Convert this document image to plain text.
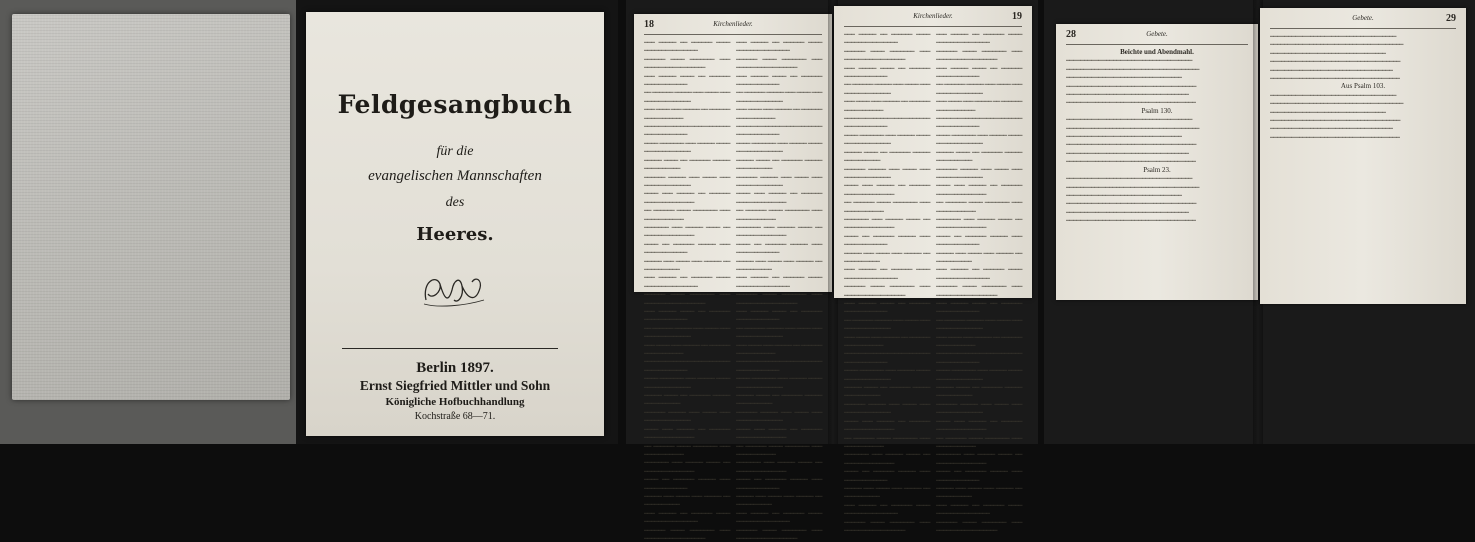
Feldgesangbuch
für die
evangelischen Mannschaften
des
Heeres.
Berlin 1897.
Ernst Siegfried Mittler und Sohn
Königliche Hofbuchhandlung
Kochstraße 68—71.
18	Kirchenlieder.
▬▬▬ ▬▬▬▬▬ ▬▬ ▬▬▬▬▬▬ ▬▬▬▬ ▬▬▬▬▬▬▬ ▬▬▬ ▬▬▬▬▬
▬▬▬▬▬▬ ▬▬▬▬ ▬▬▬▬▬▬▬ ▬▬▬ ▬▬▬▬▬ ▬▬▬▬ ▬▬ ▬▬▬▬▬▬
▬▬▬ ▬▬▬▬▬ ▬▬▬▬ ▬▬ ▬▬▬▬▬▬ ▬▬▬▬▬ ▬▬▬ ▬▬▬▬
▬▬ ▬▬▬▬▬▬ ▬▬▬▬▬ ▬▬▬ ▬▬▬▬ ▬▬▬ ▬▬▬▬▬ ▬▬ ▬▬▬▬▬▬
▬▬▬ ▬▬▬▬ ▬▬▬ ▬▬▬▬▬ ▬▬ ▬▬▬▬▬▬ ▬▬▬▬ ▬▬▬▬▬▬▬
▬▬▬▬▬ ▬▬ ▬▬▬▬▬▬ ▬▬▬▬ ▬▬▬▬▬▬▬ ▬▬▬ ▬▬▬▬▬ ▬▬▬▬
▬▬▬▬ ▬▬▬▬▬▬▬ ▬▬▬ ▬▬▬▬▬ ▬▬▬▬ ▬▬ ▬▬▬▬▬▬ ▬▬▬▬▬
▬▬▬▬▬ ▬▬▬▬ ▬▬ ▬▬▬▬▬▬ ▬▬▬▬▬ ▬▬▬ ▬▬▬▬ ▬▬▬
▬▬▬▬▬▬ ▬▬▬▬▬ ▬▬▬ ▬▬▬▬ ▬▬▬ ▬▬▬▬▬ ▬▬ ▬▬▬▬▬▬
▬▬▬▬ ▬▬▬ ▬▬▬▬▬ ▬▬ ▬▬▬▬▬▬ ▬▬▬▬ ▬▬▬▬▬▬▬ ▬▬▬
▬▬ ▬▬▬▬▬▬ ▬▬▬▬ ▬▬▬▬▬▬▬ ▬▬▬ ▬▬▬▬▬ ▬▬▬▬ ▬▬
▬▬▬▬▬▬▬ ▬▬▬ ▬▬▬▬▬ ▬▬▬▬ ▬▬ ▬▬▬▬▬▬ ▬▬▬▬▬ ▬▬▬
▬▬▬▬ ▬▬ ▬▬▬▬▬▬ ▬▬▬▬▬ ▬▬▬ ▬▬▬▬ ▬▬▬ ▬▬▬▬▬
▬▬▬▬▬ ▬▬▬ ▬▬▬▬ ▬▬▬ ▬▬▬▬▬ ▬▬ ▬▬▬▬▬▬ ▬▬▬▬
▬▬▬ ▬▬▬▬▬ ▬▬ ▬▬▬▬▬▬ ▬▬▬▬ ▬▬▬▬▬▬▬ ▬▬▬ ▬▬▬▬▬
▬▬▬▬▬▬ ▬▬▬▬ ▬▬▬▬▬▬▬ ▬▬▬ ▬▬▬▬▬ ▬▬▬▬ ▬▬ ▬▬▬▬▬▬
▬▬▬ ▬▬▬▬▬ ▬▬▬▬ ▬▬ ▬▬▬▬▬▬ ▬▬▬▬▬ ▬▬▬ ▬▬▬▬
▬▬ ▬▬▬▬▬▬ ▬▬▬▬▬ ▬▬▬ ▬▬▬▬ ▬▬▬ ▬▬▬▬▬ ▬▬ ▬▬▬▬▬▬
▬▬▬ ▬▬▬▬ ▬▬▬ ▬▬▬▬▬ ▬▬ ▬▬▬▬▬▬ ▬▬▬▬ ▬▬▬▬▬▬▬
▬▬▬▬▬ ▬▬ ▬▬▬▬▬▬ ▬▬▬▬ ▬▬▬▬▬▬▬ ▬▬▬ ▬▬▬▬▬ ▬▬▬▬
▬▬▬▬ ▬▬▬▬▬▬▬ ▬▬▬ ▬▬▬▬▬ ▬▬▬▬ ▬▬ ▬▬▬▬▬▬ ▬▬▬▬▬
▬▬▬▬▬ ▬▬▬▬ ▬▬ ▬▬▬▬▬▬ ▬▬▬▬▬ ▬▬▬ ▬▬▬▬ ▬▬▬
▬▬▬▬▬▬ ▬▬▬▬▬ ▬▬▬ ▬▬▬▬ ▬▬▬ ▬▬▬▬▬ ▬▬ ▬▬▬▬▬▬
▬▬▬▬ ▬▬▬ ▬▬▬▬▬ ▬▬ ▬▬▬▬▬▬ ▬▬▬▬ ▬▬▬▬▬▬▬ ▬▬▬
▬▬ ▬▬▬▬▬▬ ▬▬▬▬ ▬▬▬▬▬▬▬ ▬▬▬ ▬▬▬▬▬ ▬▬▬▬ ▬▬
▬▬▬▬▬▬▬ ▬▬▬ ▬▬▬▬▬ ▬▬▬▬ ▬▬ ▬▬▬▬▬▬ ▬▬▬▬▬ ▬▬▬
▬▬▬▬ ▬▬ ▬▬▬▬▬▬ ▬▬▬▬▬ ▬▬▬ ▬▬▬▬ ▬▬▬ ▬▬▬▬▬
▬▬▬▬▬ ▬▬▬ ▬▬▬▬ ▬▬▬ ▬▬▬▬▬ ▬▬ ▬▬▬▬▬▬ ▬▬▬▬
▬▬▬ ▬▬▬▬▬ ▬▬ ▬▬▬▬▬▬ ▬▬▬▬ ▬▬▬▬▬▬▬ ▬▬▬ ▬▬▬▬▬
▬▬▬▬▬▬ ▬▬▬▬ ▬▬▬▬▬▬▬ ▬▬▬ ▬▬▬▬▬ ▬▬▬▬ ▬▬ ▬▬▬▬▬▬

▬▬▬ ▬▬▬▬▬ ▬▬ ▬▬▬▬▬▬ ▬▬▬▬ ▬▬▬▬▬▬▬ ▬▬▬ ▬▬▬▬▬
▬▬▬▬▬▬ ▬▬▬▬ ▬▬▬▬▬▬▬ ▬▬▬ ▬▬▬▬▬ ▬▬▬▬ ▬▬ ▬▬▬▬▬▬
▬▬▬ ▬▬▬▬▬ ▬▬▬▬ ▬▬ ▬▬▬▬▬▬ ▬▬▬▬▬ ▬▬▬ ▬▬▬▬
▬▬ ▬▬▬▬▬▬ ▬▬▬▬▬ ▬▬▬ ▬▬▬▬ ▬▬▬ ▬▬▬▬▬ ▬▬ ▬▬▬▬▬▬
▬▬▬ ▬▬▬▬ ▬▬▬ ▬▬▬▬▬ ▬▬ ▬▬▬▬▬▬ ▬▬▬▬ ▬▬▬▬▬▬▬
▬▬▬▬▬ ▬▬ ▬▬▬▬▬▬ ▬▬▬▬ ▬▬▬▬▬▬▬ ▬▬▬ ▬▬▬▬▬ ▬▬▬▬
▬▬▬▬ ▬▬▬▬▬▬▬ ▬▬▬ ▬▬▬▬▬ ▬▬▬▬ ▬▬ ▬▬▬▬▬▬ ▬▬▬▬▬
▬▬▬▬▬ ▬▬▬▬ ▬▬ ▬▬▬▬▬▬ ▬▬▬▬▬ ▬▬▬ ▬▬▬▬ ▬▬▬
▬▬▬▬▬▬ ▬▬▬▬▬ ▬▬▬ ▬▬▬▬ ▬▬▬ ▬▬▬▬▬ ▬▬ ▬▬▬▬▬▬
▬▬▬▬ ▬▬▬ ▬▬▬▬▬ ▬▬ ▬▬▬▬▬▬ ▬▬▬▬ ▬▬▬▬▬▬▬ ▬▬▬
▬▬ ▬▬▬▬▬▬ ▬▬▬▬ ▬▬▬▬▬▬▬ ▬▬▬ ▬▬▬▬▬ ▬▬▬▬ ▬▬
▬▬▬▬▬▬▬ ▬▬▬ ▬▬▬▬▬ ▬▬▬▬ ▬▬ ▬▬▬▬▬▬ ▬▬▬▬▬ ▬▬▬
▬▬▬▬ ▬▬ ▬▬▬▬▬▬ ▬▬▬▬▬ ▬▬▬ ▬▬▬▬ ▬▬▬ ▬▬▬▬▬
▬▬▬▬▬ ▬▬▬ ▬▬▬▬ ▬▬▬ ▬▬▬▬▬ ▬▬ ▬▬▬▬▬▬ ▬▬▬▬
▬▬▬ ▬▬▬▬▬ ▬▬ ▬▬▬▬▬▬ ▬▬▬▬ ▬▬▬▬▬▬▬ ▬▬▬ ▬▬▬▬▬
▬▬▬▬▬▬ ▬▬▬▬ ▬▬▬▬▬▬▬ ▬▬▬ ▬▬▬▬▬ ▬▬▬▬ ▬▬ ▬▬▬▬▬▬
▬▬▬ ▬▬▬▬▬ ▬▬▬▬ ▬▬ ▬▬▬▬▬▬ ▬▬▬▬▬ ▬▬▬ ▬▬▬▬
▬▬ ▬▬▬▬▬▬ ▬▬▬▬▬ ▬▬▬ ▬▬▬▬ ▬▬▬ ▬▬▬▬▬ ▬▬ ▬▬▬▬▬▬
▬▬▬ ▬▬▬▬ ▬▬▬ ▬▬▬▬▬ ▬▬ ▬▬▬▬▬▬ ▬▬▬▬ ▬▬▬▬▬▬▬
▬▬▬▬▬ ▬▬ ▬▬▬▬▬▬ ▬▬▬▬ ▬▬▬▬▬▬▬ ▬▬▬ ▬▬▬▬▬ ▬▬▬▬
▬▬▬▬ ▬▬▬▬▬▬▬ ▬▬▬ ▬▬▬▬▬ ▬▬▬▬ ▬▬ ▬▬▬▬▬▬ ▬▬▬▬▬
▬▬▬▬▬ ▬▬▬▬ ▬▬ ▬▬▬▬▬▬ ▬▬▬▬▬ ▬▬▬ ▬▬▬▬ ▬▬▬
▬▬▬▬▬▬ ▬▬▬▬▬ ▬▬▬ ▬▬▬▬ ▬▬▬ ▬▬▬▬▬ ▬▬ ▬▬▬▬▬▬
▬▬▬▬ ▬▬▬ ▬▬▬▬▬ ▬▬ ▬▬▬▬▬▬ ▬▬▬▬ ▬▬▬▬▬▬▬ ▬▬▬
▬▬ ▬▬▬▬▬▬ ▬▬▬▬ ▬▬▬▬▬▬▬ ▬▬▬ ▬▬▬▬▬ ▬▬▬▬ ▬▬
▬▬▬▬▬▬▬ ▬▬▬ ▬▬▬▬▬ ▬▬▬▬ ▬▬ ▬▬▬▬▬▬ ▬▬▬▬▬ ▬▬▬
▬▬▬▬ ▬▬ ▬▬▬▬▬▬ ▬▬▬▬▬ ▬▬▬ ▬▬▬▬ ▬▬▬ ▬▬▬▬▬
▬▬▬▬▬ ▬▬▬ ▬▬▬▬ ▬▬▬ ▬▬▬▬▬ ▬▬ ▬▬▬▬▬▬ ▬▬▬▬
▬▬▬ ▬▬▬▬▬ ▬▬ ▬▬▬▬▬▬ ▬▬▬▬ ▬▬▬▬▬▬▬ ▬▬▬ ▬▬▬▬▬
▬▬▬▬▬▬ ▬▬▬▬ ▬▬▬▬▬▬▬ ▬▬▬ ▬▬▬▬▬ ▬▬▬▬ ▬▬ ▬▬▬▬▬▬

Kirchenlieder.	19
▬▬▬ ▬▬▬▬▬ ▬▬ ▬▬▬▬▬▬ ▬▬▬▬ ▬▬▬▬▬▬▬ ▬▬▬ ▬▬▬▬▬
▬▬▬▬▬▬ ▬▬▬▬ ▬▬▬▬▬▬▬ ▬▬▬ ▬▬▬▬▬ ▬▬▬▬ ▬▬ ▬▬▬▬▬▬
▬▬▬ ▬▬▬▬▬ ▬▬▬▬ ▬▬ ▬▬▬▬▬▬ ▬▬▬▬▬ ▬▬▬ ▬▬▬▬
▬▬ ▬▬▬▬▬▬ ▬▬▬▬▬ ▬▬▬ ▬▬▬▬ ▬▬▬ ▬▬▬▬▬ ▬▬ ▬▬▬▬▬▬
▬▬▬ ▬▬▬▬ ▬▬▬ ▬▬▬▬▬ ▬▬ ▬▬▬▬▬▬ ▬▬▬▬ ▬▬▬▬▬▬▬
▬▬▬▬▬ ▬▬ ▬▬▬▬▬▬ ▬▬▬▬ ▬▬▬▬▬▬▬ ▬▬▬ ▬▬▬▬▬ ▬▬▬▬
▬▬▬▬ ▬▬▬▬▬▬▬ ▬▬▬ ▬▬▬▬▬ ▬▬▬▬ ▬▬ ▬▬▬▬▬▬ ▬▬▬▬▬
▬▬▬▬▬ ▬▬▬▬ ▬▬ ▬▬▬▬▬▬ ▬▬▬▬▬ ▬▬▬ ▬▬▬▬ ▬▬▬
▬▬▬▬▬▬ ▬▬▬▬▬ ▬▬▬ ▬▬▬▬ ▬▬▬ ▬▬▬▬▬ ▬▬ ▬▬▬▬▬▬
▬▬▬▬ ▬▬▬ ▬▬▬▬▬ ▬▬ ▬▬▬▬▬▬ ▬▬▬▬ ▬▬▬▬▬▬▬ ▬▬▬
▬▬ ▬▬▬▬▬▬ ▬▬▬▬ ▬▬▬▬▬▬▬ ▬▬▬ ▬▬▬▬▬ ▬▬▬▬ ▬▬
▬▬▬▬▬▬▬ ▬▬▬ ▬▬▬▬▬ ▬▬▬▬ ▬▬ ▬▬▬▬▬▬ ▬▬▬▬▬ ▬▬▬
▬▬▬▬ ▬▬ ▬▬▬▬▬▬ ▬▬▬▬▬ ▬▬▬ ▬▬▬▬ ▬▬▬ ▬▬▬▬▬
▬▬▬▬▬ ▬▬▬ ▬▬▬▬ ▬▬▬ ▬▬▬▬▬ ▬▬ ▬▬▬▬▬▬ ▬▬▬▬
▬▬▬ ▬▬▬▬▬ ▬▬ ▬▬▬▬▬▬ ▬▬▬▬ ▬▬▬▬▬▬▬ ▬▬▬ ▬▬▬▬▬
▬▬▬▬▬▬ ▬▬▬▬ ▬▬▬▬▬▬▬ ▬▬▬ ▬▬▬▬▬ ▬▬▬▬ ▬▬ ▬▬▬▬▬▬
▬▬▬ ▬▬▬▬▬ ▬▬▬▬ ▬▬ ▬▬▬▬▬▬ ▬▬▬▬▬ ▬▬▬ ▬▬▬▬
▬▬ ▬▬▬▬▬▬ ▬▬▬▬▬ ▬▬▬ ▬▬▬▬ ▬▬▬ ▬▬▬▬▬ ▬▬ ▬▬▬▬▬▬
▬▬▬ ▬▬▬▬ ▬▬▬ ▬▬▬▬▬ ▬▬ ▬▬▬▬▬▬ ▬▬▬▬ ▬▬▬▬▬▬▬
▬▬▬▬▬ ▬▬ ▬▬▬▬▬▬ ▬▬▬▬ ▬▬▬▬▬▬▬ ▬▬▬ ▬▬▬▬▬ ▬▬▬▬
▬▬▬▬ ▬▬▬▬▬▬▬ ▬▬▬ ▬▬▬▬▬ ▬▬▬▬ ▬▬ ▬▬▬▬▬▬ ▬▬▬▬▬
▬▬▬▬▬ ▬▬▬▬ ▬▬ ▬▬▬▬▬▬ ▬▬▬▬▬ ▬▬▬ ▬▬▬▬ ▬▬▬
▬▬▬▬▬▬ ▬▬▬▬▬ ▬▬▬ ▬▬▬▬ ▬▬▬ ▬▬▬▬▬ ▬▬ ▬▬▬▬▬▬
▬▬▬▬ ▬▬▬ ▬▬▬▬▬ ▬▬ ▬▬▬▬▬▬ ▬▬▬▬ ▬▬▬▬▬▬▬ ▬▬▬
▬▬ ▬▬▬▬▬▬ ▬▬▬▬ ▬▬▬▬▬▬▬ ▬▬▬ ▬▬▬▬▬ ▬▬▬▬ ▬▬
▬▬▬▬▬▬▬ ▬▬▬ ▬▬▬▬▬ ▬▬▬▬ ▬▬ ▬▬▬▬▬▬ ▬▬▬▬▬ ▬▬▬
▬▬▬▬ ▬▬ ▬▬▬▬▬▬ ▬▬▬▬▬ ▬▬▬ ▬▬▬▬ ▬▬▬ ▬▬▬▬▬
▬▬▬▬▬ ▬▬▬ ▬▬▬▬ ▬▬▬ ▬▬▬▬▬ ▬▬ ▬▬▬▬▬▬ ▬▬▬▬
▬▬▬ ▬▬▬▬▬ ▬▬ ▬▬▬▬▬▬ ▬▬▬▬ ▬▬▬▬▬▬▬ ▬▬▬ ▬▬▬▬▬
▬▬▬▬▬▬ ▬▬▬▬ ▬▬▬▬▬▬▬ ▬▬▬ ▬▬▬▬▬ ▬▬▬▬ ▬▬ ▬▬▬▬▬▬

▬▬▬ ▬▬▬▬▬ ▬▬ ▬▬▬▬▬▬ ▬▬▬▬ ▬▬▬▬▬▬▬ ▬▬▬ ▬▬▬▬▬
▬▬▬▬▬▬ ▬▬▬▬ ▬▬▬▬▬▬▬ ▬▬▬ ▬▬▬▬▬ ▬▬▬▬ ▬▬ ▬▬▬▬▬▬
▬▬▬ ▬▬▬▬▬ ▬▬▬▬ ▬▬ ▬▬▬▬▬▬ ▬▬▬▬▬ ▬▬▬ ▬▬▬▬
▬▬ ▬▬▬▬▬▬ ▬▬▬▬▬ ▬▬▬ ▬▬▬▬ ▬▬▬ ▬▬▬▬▬ ▬▬ ▬▬▬▬▬▬
▬▬▬ ▬▬▬▬ ▬▬▬ ▬▬▬▬▬ ▬▬ ▬▬▬▬▬▬ ▬▬▬▬ ▬▬▬▬▬▬▬
▬▬▬▬▬ ▬▬ ▬▬▬▬▬▬ ▬▬▬▬ ▬▬▬▬▬▬▬ ▬▬▬ ▬▬▬▬▬ ▬▬▬▬
▬▬▬▬ ▬▬▬▬▬▬▬ ▬▬▬ ▬▬▬▬▬ ▬▬▬▬ ▬▬ ▬▬▬▬▬▬ ▬▬▬▬▬
▬▬▬▬▬ ▬▬▬▬ ▬▬ ▬▬▬▬▬▬ ▬▬▬▬▬ ▬▬▬ ▬▬▬▬ ▬▬▬
▬▬▬▬▬▬ ▬▬▬▬▬ ▬▬▬ ▬▬▬▬ ▬▬▬ ▬▬▬▬▬ ▬▬ ▬▬▬▬▬▬
▬▬▬▬ ▬▬▬ ▬▬▬▬▬ ▬▬ ▬▬▬▬▬▬ ▬▬▬▬ ▬▬▬▬▬▬▬ ▬▬▬
▬▬ ▬▬▬▬▬▬ ▬▬▬▬ ▬▬▬▬▬▬▬ ▬▬▬ ▬▬▬▬▬ ▬▬▬▬ ▬▬
▬▬▬▬▬▬▬ ▬▬▬ ▬▬▬▬▬ ▬▬▬▬ ▬▬ ▬▬▬▬▬▬ ▬▬▬▬▬ ▬▬▬
▬▬▬▬ ▬▬ ▬▬▬▬▬▬ ▬▬▬▬▬ ▬▬▬ ▬▬▬▬ ▬▬▬ ▬▬▬▬▬
▬▬▬▬▬ ▬▬▬ ▬▬▬▬ ▬▬▬ ▬▬▬▬▬ ▬▬ ▬▬▬▬▬▬ ▬▬▬▬
▬▬▬ ▬▬▬▬▬ ▬▬ ▬▬▬▬▬▬ ▬▬▬▬ ▬▬▬▬▬▬▬ ▬▬▬ ▬▬▬▬▬
▬▬▬▬▬▬ ▬▬▬▬ ▬▬▬▬▬▬▬ ▬▬▬ ▬▬▬▬▬ ▬▬▬▬ ▬▬ ▬▬▬▬▬▬
▬▬▬ ▬▬▬▬▬ ▬▬▬▬ ▬▬ ▬▬▬▬▬▬ ▬▬▬▬▬ ▬▬▬ ▬▬▬▬
▬▬ ▬▬▬▬▬▬ ▬▬▬▬▬ ▬▬▬ ▬▬▬▬ ▬▬▬ ▬▬▬▬▬ ▬▬ ▬▬▬▬▬▬
▬▬▬ ▬▬▬▬ ▬▬▬ ▬▬▬▬▬ ▬▬ ▬▬▬▬▬▬ ▬▬▬▬ ▬▬▬▬▬▬▬
▬▬▬▬▬ ▬▬ ▬▬▬▬▬▬ ▬▬▬▬ ▬▬▬▬▬▬▬ ▬▬▬ ▬▬▬▬▬ ▬▬▬▬
▬▬▬▬ ▬▬▬▬▬▬▬ ▬▬▬ ▬▬▬▬▬ ▬▬▬▬ ▬▬ ▬▬▬▬▬▬ ▬▬▬▬▬
▬▬▬▬▬ ▬▬▬▬ ▬▬ ▬▬▬▬▬▬ ▬▬▬▬▬ ▬▬▬ ▬▬▬▬ ▬▬▬
▬▬▬▬▬▬ ▬▬▬▬▬ ▬▬▬ ▬▬▬▬ ▬▬▬ ▬▬▬▬▬ ▬▬ ▬▬▬▬▬▬
▬▬▬▬ ▬▬▬ ▬▬▬▬▬ ▬▬ ▬▬▬▬▬▬ ▬▬▬▬ ▬▬▬▬▬▬▬ ▬▬▬
▬▬ ▬▬▬▬▬▬ ▬▬▬▬ ▬▬▬▬▬▬▬ ▬▬▬ ▬▬▬▬▬ ▬▬▬▬ ▬▬
▬▬▬▬▬▬▬ ▬▬▬ ▬▬▬▬▬ ▬▬▬▬ ▬▬ ▬▬▬▬▬▬ ▬▬▬▬▬ ▬▬▬
▬▬▬▬ ▬▬ ▬▬▬▬▬▬ ▬▬▬▬▬ ▬▬▬ ▬▬▬▬ ▬▬▬ ▬▬▬▬▬
▬▬▬▬▬ ▬▬▬ ▬▬▬▬ ▬▬▬ ▬▬▬▬▬ ▬▬ ▬▬▬▬▬▬ ▬▬▬▬
▬▬▬ ▬▬▬▬▬ ▬▬ ▬▬▬▬▬▬ ▬▬▬▬ ▬▬▬▬▬▬▬ ▬▬▬ ▬▬▬▬▬
▬▬▬▬▬▬ ▬▬▬▬ ▬▬▬▬▬▬▬ ▬▬▬ ▬▬▬▬▬ ▬▬▬▬ ▬▬ ▬▬▬▬▬▬

28	Gebete.
Beichte und Abendmahl.
▬▬▬ ▬▬▬▬▬ ▬▬ ▬▬▬▬▬▬ ▬▬▬▬ ▬▬▬▬▬▬▬ ▬▬▬ ▬▬▬▬▬
▬▬▬▬▬▬ ▬▬▬▬ ▬▬▬▬▬▬▬ ▬▬▬ ▬▬▬▬▬ ▬▬▬▬ ▬▬ ▬▬▬▬▬▬
▬▬▬ ▬▬▬▬▬ ▬▬▬▬ ▬▬ ▬▬▬▬▬▬ ▬▬▬▬▬ ▬▬▬ ▬▬▬▬
▬▬ ▬▬▬▬▬▬ ▬▬▬▬▬ ▬▬▬ ▬▬▬▬ ▬▬▬ ▬▬▬▬▬ ▬▬ ▬▬▬▬▬▬
▬▬▬ ▬▬▬▬ ▬▬▬ ▬▬▬▬▬ ▬▬ ▬▬▬▬▬▬ ▬▬▬▬ ▬▬▬▬▬▬▬
▬▬▬▬▬ ▬▬ ▬▬▬▬▬▬ ▬▬▬▬ ▬▬▬▬▬▬▬ ▬▬▬ ▬▬▬▬▬ ▬▬▬▬

Psalm 130.
▬▬▬ ▬▬▬▬▬ ▬▬ ▬▬▬▬▬▬ ▬▬▬▬ ▬▬▬▬▬▬▬ ▬▬▬ ▬▬▬▬▬
▬▬▬▬▬▬ ▬▬▬▬ ▬▬▬▬▬▬▬ ▬▬▬ ▬▬▬▬▬ ▬▬▬▬ ▬▬ ▬▬▬▬▬▬
▬▬▬ ▬▬▬▬▬ ▬▬▬▬ ▬▬ ▬▬▬▬▬▬ ▬▬▬▬▬ ▬▬▬ ▬▬▬▬
▬▬ ▬▬▬▬▬▬ ▬▬▬▬▬ ▬▬▬ ▬▬▬▬ ▬▬▬ ▬▬▬▬▬ ▬▬ ▬▬▬▬▬▬
▬▬▬ ▬▬▬▬ ▬▬▬ ▬▬▬▬▬ ▬▬ ▬▬▬▬▬▬ ▬▬▬▬ ▬▬▬▬▬▬▬
▬▬▬▬▬ ▬▬ ▬▬▬▬▬▬ ▬▬▬▬ ▬▬▬▬▬▬▬ ▬▬▬ ▬▬▬▬▬ ▬▬▬▬

Psalm 23.
▬▬▬ ▬▬▬▬▬ ▬▬ ▬▬▬▬▬▬ ▬▬▬▬ ▬▬▬▬▬▬▬ ▬▬▬ ▬▬▬▬▬
▬▬▬▬▬▬ ▬▬▬▬ ▬▬▬▬▬▬▬ ▬▬▬ ▬▬▬▬▬ ▬▬▬▬ ▬▬ ▬▬▬▬▬▬
▬▬▬ ▬▬▬▬▬ ▬▬▬▬ ▬▬ ▬▬▬▬▬▬ ▬▬▬▬▬ ▬▬▬ ▬▬▬▬
▬▬ ▬▬▬▬▬▬ ▬▬▬▬▬ ▬▬▬ ▬▬▬▬ ▬▬▬ ▬▬▬▬▬ ▬▬ ▬▬▬▬▬▬
▬▬▬ ▬▬▬▬ ▬▬▬ ▬▬▬▬▬ ▬▬ ▬▬▬▬▬▬ ▬▬▬▬ ▬▬▬▬▬▬▬
▬▬▬▬▬ ▬▬ ▬▬▬▬▬▬ ▬▬▬▬ ▬▬▬▬▬▬▬ ▬▬▬ ▬▬▬▬▬ ▬▬▬▬

Gebete.	29
▬▬▬ ▬▬▬▬▬ ▬▬ ▬▬▬▬▬▬ ▬▬▬▬ ▬▬▬▬▬▬▬ ▬▬▬ ▬▬▬▬▬
▬▬▬▬▬▬ ▬▬▬▬ ▬▬▬▬▬▬▬ ▬▬▬ ▬▬▬▬▬ ▬▬▬▬ ▬▬ ▬▬▬▬▬▬
▬▬▬ ▬▬▬▬▬ ▬▬▬▬ ▬▬ ▬▬▬▬▬▬ ▬▬▬▬▬ ▬▬▬ ▬▬▬▬
▬▬ ▬▬▬▬▬▬ ▬▬▬▬▬ ▬▬▬ ▬▬▬▬ ▬▬▬ ▬▬▬▬▬ ▬▬ ▬▬▬▬▬▬
▬▬▬ ▬▬▬▬ ▬▬▬ ▬▬▬▬▬ ▬▬ ▬▬▬▬▬▬ ▬▬▬▬ ▬▬▬▬▬▬▬
▬▬▬▬▬ ▬▬ ▬▬▬▬▬▬ ▬▬▬▬ ▬▬▬▬▬▬▬ ▬▬▬ ▬▬▬▬▬ ▬▬▬▬

Aus Psalm 103.
▬▬▬ ▬▬▬▬▬ ▬▬ ▬▬▬▬▬▬ ▬▬▬▬ ▬▬▬▬▬▬▬ ▬▬▬ ▬▬▬▬▬
▬▬▬▬▬▬ ▬▬▬▬ ▬▬▬▬▬▬▬ ▬▬▬ ▬▬▬▬▬ ▬▬▬▬ ▬▬ ▬▬▬▬▬▬
▬▬▬ ▬▬▬▬▬ ▬▬▬▬ ▬▬ ▬▬▬▬▬▬ ▬▬▬▬▬ ▬▬▬ ▬▬▬▬
▬▬ ▬▬▬▬▬▬ ▬▬▬▬▬ ▬▬▬ ▬▬▬▬ ▬▬▬ ▬▬▬▬▬ ▬▬ ▬▬▬▬▬▬
▬▬▬ ▬▬▬▬ ▬▬▬ ▬▬▬▬▬ ▬▬ ▬▬▬▬▬▬ ▬▬▬▬ ▬▬▬▬▬▬▬
▬▬▬▬▬ ▬▬ ▬▬▬▬▬▬ ▬▬▬▬ ▬▬▬▬▬▬▬ ▬▬▬ ▬▬▬▬▬ ▬▬▬▬
